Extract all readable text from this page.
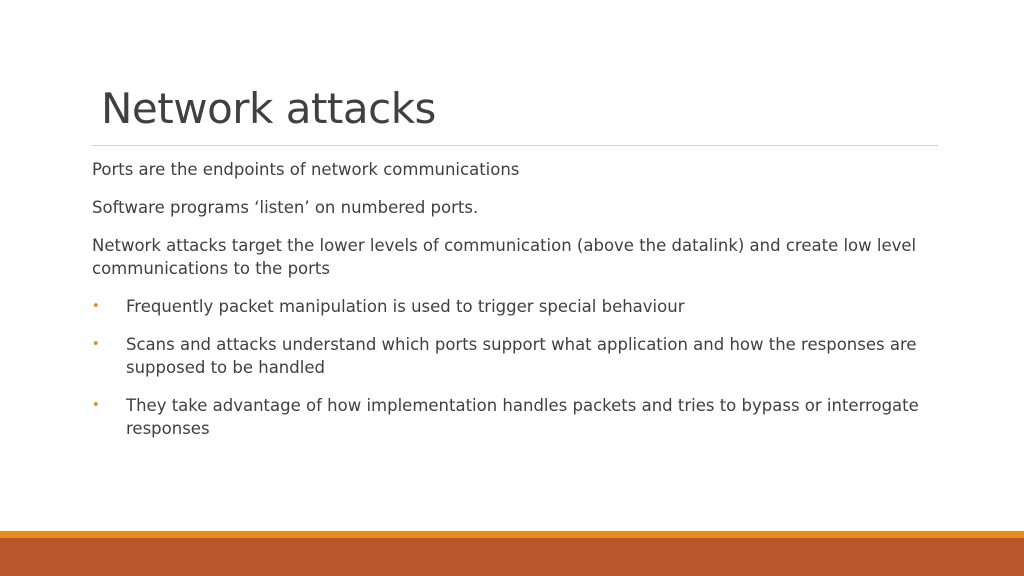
Network attacks

Ports are the endpoints of network communications

Software programs ‘listen’ on numbered ports.

Network attacks target the lower levels of communication (above the datalink) and create low level communications to the ports

• Frequently packet manipulation is used to trigger special behaviour
• Scans and attacks understand which ports support what application and how the responses are supposed to be handled
• They take advantage of how implementation handles packets and tries to bypass or interrogate responses
